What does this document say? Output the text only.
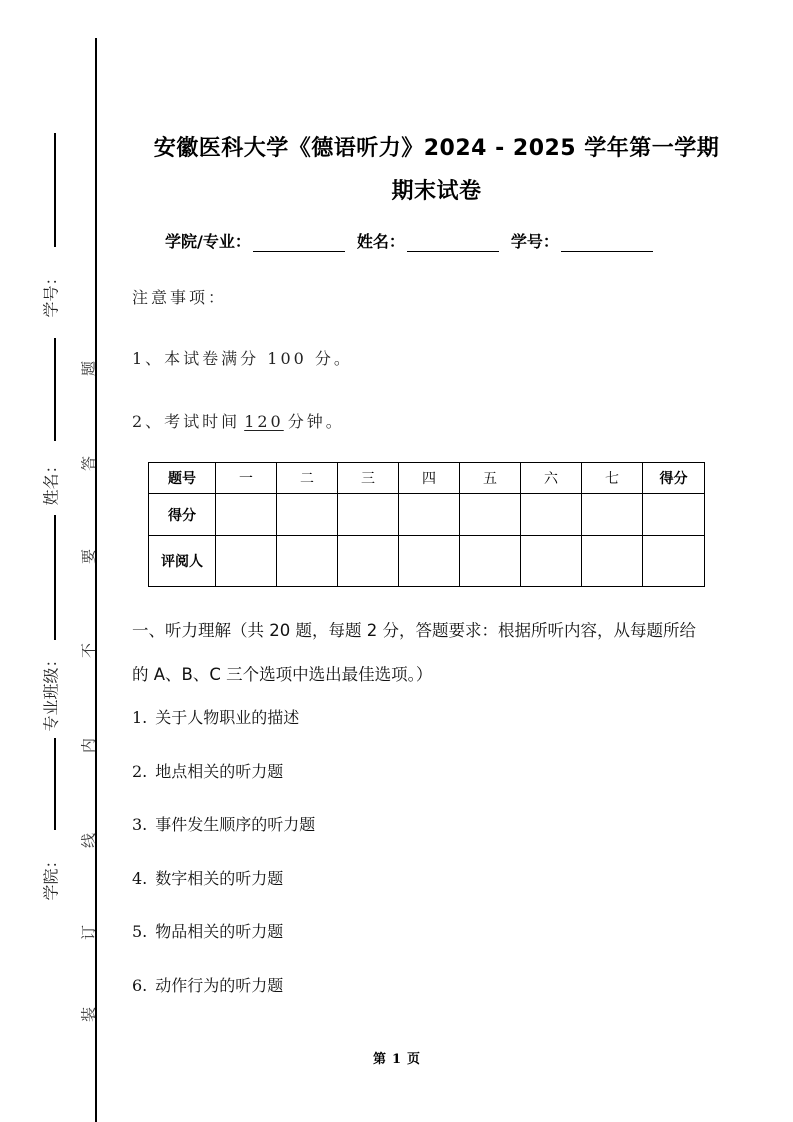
学号：
姓名：
专业班级：
学院：
装
订
线
内
不
要
答
题
安徽医科大学《德语听力》2024 - 2025 学年第一学期
期末试卷
学院/专业：	姓名：	学号：
注意事项：
1、本试卷满分 100 分。
2、考试时间 120 分钟。
题号	一	二	三	四	五	六	七	得分
得分								
评阅人								
一、听力理解（共 20 题，每题 2 分，答题要求：根据所听内容，从每题所给的 A、B、C 三个选项中选出最佳选项。）
1. 关于人物职业的描述
2. 地点相关的听力题
3. 事件发生顺序的听力题
4. 数字相关的听力题
5. 物品相关的听力题
6. 动作行为的听力题
第 1 页
